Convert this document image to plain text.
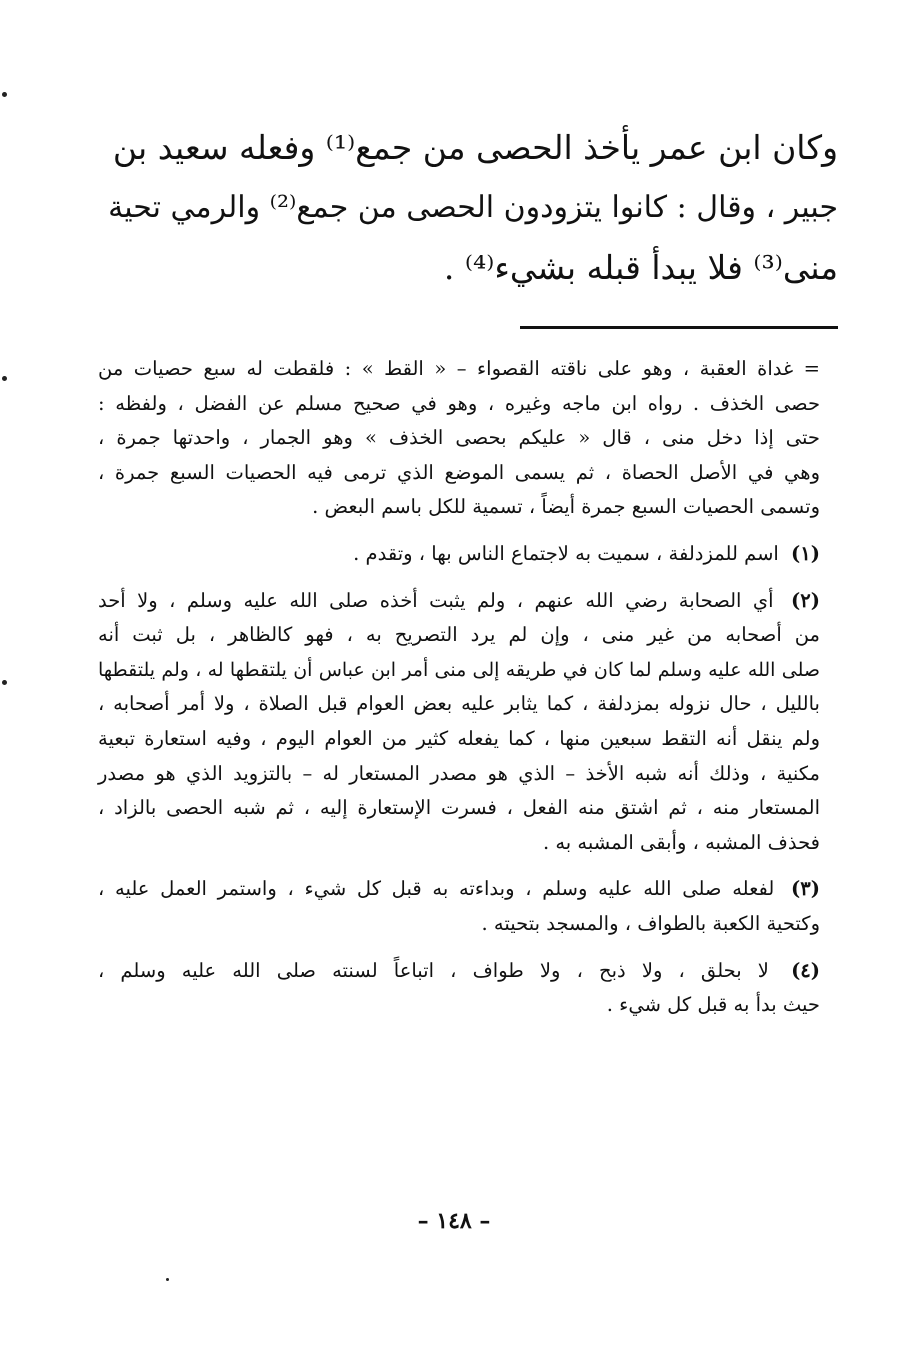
وكان ابن عمر يأخذ الحصى من جمع⁽¹⁾ وفعله سعيد بن
جبير ، وقال : كانوا يتزودون الحصى من جمع⁽²⁾ والرمي تحية
منى⁽³⁾ فلا يبدأ قبله بشيء⁽⁴⁾ .
= غداة العقبة ، وهو على ناقته القصواء – « القط » : فلقطت له سبع حصيات من
حصى الخذف . رواه ابن ماجه وغيره ، وهو في صحيح مسلم عن الفضل ، ولفظه :
حتى إذا دخل منى ، قال « عليكم بحصى الخذف » وهو الجمار ، واحدتها جمرة ،
وهي في الأصل الحصاة ، ثم يسمى الموضع الذي ترمى فيه الحصيات السبع جمرة ،
وتسمى الحصيات السبع جمرة أيضاً ، تسمية للكل باسم البعض .
(١) اسم للمزدلفة ، سميت به لاجتماع الناس بها ، وتقدم .
(٢) أي الصحابة رضي الله عنهم ، ولم يثبت أخذه صلى الله عليه وسلم ، ولا أحد
من أصحابه من غير منى ، وإن لم يرد التصريح به ، فهو كالظاهر ، بل ثبت أنه
صلى الله عليه وسلم لما كان في طريقه إلى منى أمر ابن عباس أن يلتقطها له ، ولم يلتقطها
بالليل ، حال نزوله بمزدلفة ، كما يثابر عليه بعض العوام قبل الصلاة ، ولا أمر أصحابه ،
ولم ينقل أنه التقط سبعين منها ، كما يفعله كثير من العوام اليوم ، وفيه استعارة تبعية
مكنية ، وذلك أنه شبه الأخذ – الذي هو مصدر المستعار له – بالتزويد الذي هو مصدر
المستعار منه ، ثم اشتق منه الفعل ، فسرت الإستعارة إليه ، ثم شبه الحصى بالزاد ،
فحذف المشبه ، وأبقى المشبه به .
(٣) لفعله صلى الله عليه وسلم ، وبداءته به قبل كل شيء ، واستمر العمل عليه ،
وكتحية الكعبة بالطواف ، والمسجد بتحيته .
(٤) لا بحلق ، ولا ذبح ، ولا طواف ، اتباعاً لسنته صلى الله عليه وسلم ،
حيث بدأ به قبل كل شيء .
– ١٤٨ –
